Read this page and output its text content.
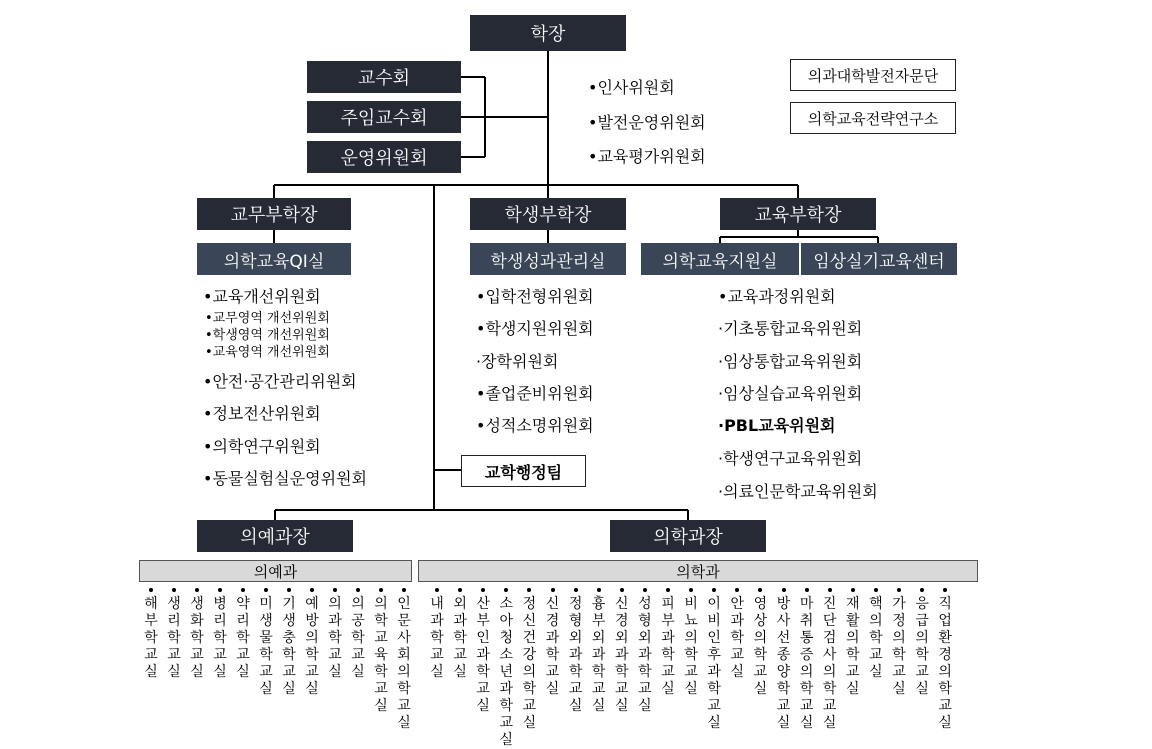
학장
교수회
주임교수회
운영위원회
•인사위원회
•발전운영위원회
•교육평가위원회
의과대학발전자문단
의학교육전략연구소
교무부학장	학생부학장	교육부학장
의학교육QI실	학생성과관리실	의학교육지원실	임상실기교육센터
•교육개선위원회
•교무영역 개선위원회
•학생영역 개선위원회
•교육영역 개선위원회
•안전·공간관리위원회
•정보전산위원회
•의학연구위원회
•동물실험실운영위원회
•입학전형위원회
•학생지원위원회
·장학위원회
•졸업준비위원회
•성적소명위원회
•교육과정위원회
·기초통합교육위원회
·임상통합교육위원회
·임상실습교육위원회
·PBL교육위원회
·학생연구교육위원회
·의료인문학교육위원회
교학행정팀
의예과장	의학과장
의예과	의학과
해
부
학
교
실
생
리
학
교
실
생
화
학
교
실
병
리
학
교
실
약
리
학
교
실
미
생
물
학
교
실
기
생
충
학
교
실
예
방
의
학
교
실
의
과
학
교
실
의
공
학
교
실
의
학
교
육
학
교
실
인
문
사
회
의
학
교
실
내
과
학
교
실
외
과
학
교
실
산
부
인
과
학
교
실
소
아
청
소
년
과
학
교
실
정
신
건
강
의
학
교
실
신
경
과
학
교
실
정
형
외
과
학
교
실
흉
부
외
과
학
교
실
신
경
외
과
학
교
실
성
형
외
과
학
교
실
피
부
과
학
교
실
비
뇨
의
학
교
실
이
비
인
후
과
학
교
실
안
과
학
교
실
영
상
의
학
교
실
방
사
선
종
양
학
교
실
마
취
통
증
의
학
교
실
진
단
검
사
의
학
교
실
재
활
의
학
교
실
핵
의
학
교
실
가
정
의
학
교
실
응
급
의
학
교
실
직
업
환
경
의
학
교
실
